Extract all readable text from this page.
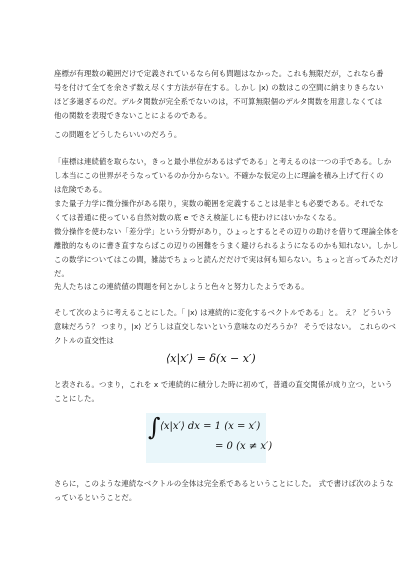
座標が有理数の範囲だけで定義されているなら何も問題はなかった。これも無限だが，これなら番
号を付けて全てを余さず数え尽くす方法が存在する。しかし |x⟩ の数はこの空間に納まりきらない
ほど多過ぎるのだ。デルタ関数が完全系でないのは，不可算無限個のデルタ関数を用意しなくては
他の関数を表現できないことによるのである。
この問題をどうしたらいいのだろう。
「座標は連続値を取らない，きっと最小単位があるはずである」と考えるのは一つの手である。しか
し本当にこの世界がそうなっているのか分からない。不確かな仮定の上に理論を積み上げて行くの
は危険である。
また量子力学に微分操作がある限り，実数の範囲を定義することは是非とも必要である。それでな
くては普通に使っている自然対数の底 e でさえ検証しにも使わけにはいかなくなる。
微分操作を使わない「差分学」という分野があり，ひょっとするとその辺りの助けを借りて理論全体を
離散的なものに書き直すならばこの辺りの困難をうまく避けられるようになるのかも知れない。しかし
この数学についてはこの間，雑誌でちょっと読んだだけで実は何も知らない。ちょっと言ってみただけ
だ。
先人たちはこの連続値の問題を何とかしようと色々と努力したようである。
そして次のように考えることにした。「 |x⟩ は連続的に変化するベクトルである」と。 え？ どういう
意味だろう？ つまり，|x⟩ どうしは直交しないという意味なのだろうか？ そうではない。 これらのベ
クトルの直交性は
⟨x|x′⟩ = δ(x − x′)
と表される。つまり，これを x で連続的に積分した時に初めて，普通の直交関係が成り立つ，という
ことにした。
∫ ⟨x|x′⟩ dx = 1 (x = x′)
= 0 (x ≠ x′)
さらに，このような連続なベクトルの全体は完全系であるということにした。 式で書けば次のような
っているということだ。
